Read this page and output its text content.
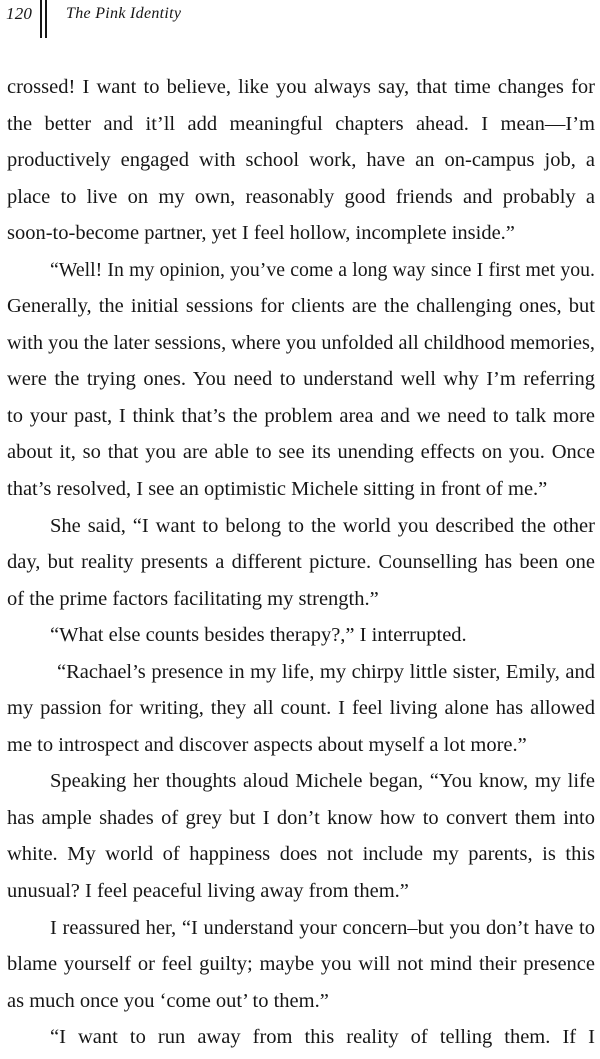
120 The Pink Identity
crossed! I want to believe, like you always say, that time changes for
the better and it’ll add meaningful chapters ahead. I mean—I’m
productively engaged with school work, have an on-campus job, a
place to live on my own, reasonably good friends and probably a
soon-to-become partner, yet I feel hollow, incomplete inside.”
“Well! In my opinion, you’ve come a long way since I first met you.
Generally, the initial sessions for clients are the challenging ones, but
with you the later sessions, where you unfolded all childhood memories,
were the trying ones. You need to understand well why I’m referring
to your past, I think that’s the problem area and we need to talk more
about it, so that you are able to see its unending effects on you. Once
that’s resolved, I see an optimistic Michele sitting in front of me.”
She said, “I want to belong to the world you described the other
day, but reality presents a different picture. Counselling has been one
of the prime factors facilitating my strength.”
“What else counts besides therapy?,” I interrupted.
“Rachael’s presence in my life, my chirpy little sister, Emily, and
my passion for writing, they all count. I feel living alone has allowed
me to introspect and discover aspects about myself a lot more.”
Speaking her thoughts aloud Michele began, “You know, my life
has ample shades of grey but I don’t know how to convert them into
white. My world of happiness does not include my parents, is this
unusual? I feel peaceful living away from them.”
I reassured her, “I understand your concern–but you don’t have to
blame yourself or feel guilty; maybe you will not mind their presence
as much once you ‘come out’ to them.”
“I want to run away from this reality of telling them. If I
